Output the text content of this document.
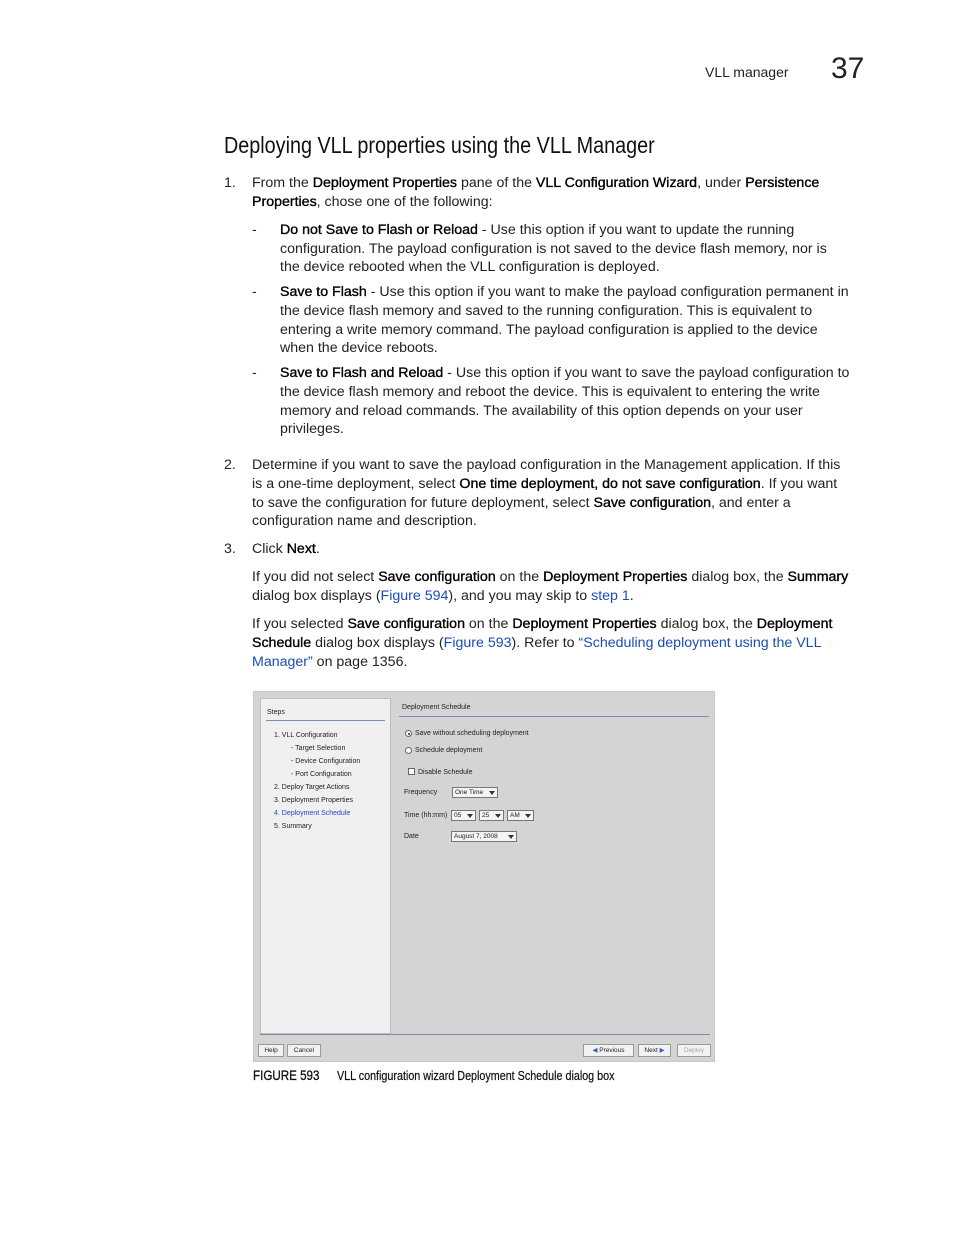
VLL manager 37
Deploying VLL properties using the VLL Manager
1.	From the Deployment Properties pane of the VLL Configuration Wizard, under Persistence
Properties, chose one of the following:
- Do not Save to Flash or Reload - Use this option if you want to update the running
configuration. The payload configuration is not saved to the device flash memory, nor is
the device rebooted when the VLL configuration is deployed.
- Save to Flash - Use this option if you want to make the payload configuration permanent in
the device flash memory and saved to the running configuration. This is equivalent to
entering a write memory command. The payload configuration is applied to the device
when the device reboots.
- Save to Flash and Reload - Use this option if you want to save the payload configuration to
the device flash memory and reboot the device. This is equivalent to entering the write
memory and reload commands. The availability of this option depends on your user
privileges.
2.	Determine if you want to save the payload configuration in the Management application. If this
is a one-time deployment, select One time deployment, do not save configuration. If you want
to save the configuration for future deployment, select Save configuration, and enter a
configuration name and description.
3.	Click Next.
If you did not select Save configuration on the Deployment Properties dialog box, the Summary
dialog box displays (Figure 594), and you may skip to step 1.
If you selected Save configuration on the Deployment Properties dialog box, the Deployment
Schedule dialog box displays (Figure 593). Refer to “Scheduling deployment using the VLL
Manager” on page 1356.
Steps
1. VLL Configuration
- Target Selection
- Device Configuration
- Port Configuration
2. Deploy Target Actions
3. Deployment Properties
4. Deployment Schedule
5. Summary
Deployment Schedule
Save without scheduling deployment
Schedule deployment
Disable Schedule
Frequency	One Time
Time (hh:mm)	05	25	AM
Date	August 7, 2008
Help	Cancel	◀ Previous	Next ▶	Deploy
FIGURE 593 VLL configuration wizard Deployment Schedule dialog box
